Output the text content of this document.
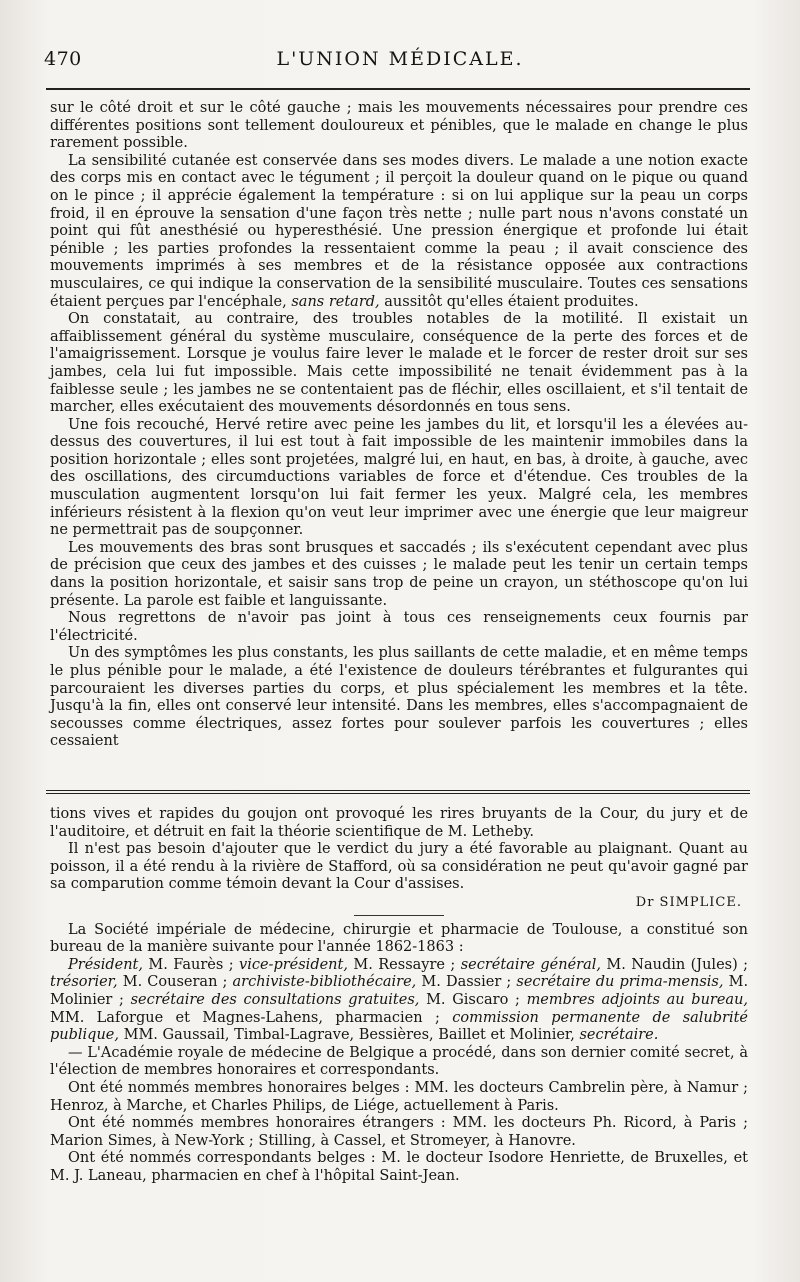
470	L'UNION MÉDICALE.

sur le côté droit et sur le côté gauche ; mais les mouvements nécessaires pour prendre ces différentes positions sont tellement douloureux et pénibles, que le malade en change le plus rarement possible.

La sensibilité cutanée est conservée dans ses modes divers. Le malade a une notion exacte des corps mis en contact avec le tégument ; il perçoit la douleur quand on le pique ou quand on le pince ; il apprécie également la température : si on lui applique sur la peau un corps froid, il en éprouve la sensation d'une façon très nette ; nulle part nous n'avons constaté un point qui fût anesthésié ou hyperesthésié. Une pression énergique et profonde lui était pénible ; les parties profondes la ressentaient comme la peau ; il avait conscience des mouvements imprimés à ses membres et de la résistance opposée aux contractions musculaires, ce qui indique la conservation de la sensibilité musculaire. Toutes ces sensations étaient perçues par l'encéphale, sans retard, aussitôt qu'elles étaient produites.

On constatait, au contraire, des troubles notables de la motilité. Il existait un affaiblissement général du système musculaire, conséquence de la perte des forces et de l'amaigrissement. Lorsque je voulus faire lever le malade et le forcer de rester droit sur ses jambes, cela lui fut impossible. Mais cette impossibilité ne tenait évidemment pas à la faiblesse seule ; les jambes ne se contentaient pas de fléchir, elles oscillaient, et s'il tentait de marcher, elles exécutaient des mouvements désordonnés en tous sens.

Une fois recouché, Hervé retire avec peine les jambes du lit, et lorsqu'il les a élevées au-dessus des couvertures, il lui est tout à fait impossible de les maintenir immobiles dans la position horizontale ; elles sont projetées, malgré lui, en haut, en bas, à droite, à gauche, avec des oscillations, des circumductions variables de force et d'étendue. Ces troubles de la musculation augmentent lorsqu'on lui fait fermer les yeux. Malgré cela, les membres inférieurs résistent à la flexion qu'on veut leur imprimer avec une énergie que leur maigreur ne permettrait pas de soupçonner.

Les mouvements des bras sont brusques et saccadés ; ils s'exécutent cependant avec plus de précision que ceux des jambes et des cuisses ; le malade peut les tenir un certain temps dans la position horizontale, et saisir sans trop de peine un crayon, un stéthoscope qu'on lui présente. La parole est faible et languissante.

Nous regrettons de n'avoir pas joint à tous ces renseignements ceux fournis par l'électricité.

Un des symptômes les plus constants, les plus saillants de cette maladie, et en même temps le plus pénible pour le malade, a été l'existence de douleurs térébrantes et fulgurantes qui parcouraient les diverses parties du corps, et plus spécialement les membres et la tête. Jusqu'à la fin, elles ont conservé leur intensité. Dans les membres, elles s'accompagnaient de secousses comme électriques, assez fortes pour soulever parfois les couvertures ; elles cessaient

tions vives et rapides du goujon ont provoqué les rires bruyants de la Cour, du jury et de l'auditoire, et détruit en fait la théorie scientifique de M. Letheby.

Il n'est pas besoin d'ajouter que le verdict du jury a été favorable au plaignant. Quant au poisson, il a été rendu à la rivière de Stafford, où sa considération ne peut qu'avoir gagné par sa comparution comme témoin devant la Cour d'assises.

Dr SIMPLICE.

La Société impériale de médecine, chirurgie et pharmacie de Toulouse, a constitué son bureau de la manière suivante pour l'année 1862-1863 :

Président, M. Faurès ; vice-président, M. Ressayre ; secrétaire général, M. Naudin (Jules) ; trésorier, M. Couseran ; archiviste-bibliothécaire, M. Dassier ; secrétaire du prima-mensis, M. Molinier ; secrétaire des consultations gratuites, M. Giscaro ; membres adjoints au bureau, MM. Laforgue et Magnes-Lahens, pharmacien ; commission permanente de salubrité publique, MM. Gaussail, Timbal-Lagrave, Bessières, Baillet et Molinier, secrétaire.

— L'Académie royale de médecine de Belgique a procédé, dans son dernier comité secret, à l'élection de membres honoraires et correspondants.

Ont été nommés membres honoraires belges : MM. les docteurs Cambrelin père, à Namur ; Henroz, à Marche, et Charles Philips, de Liége, actuellement à Paris.

Ont été nommés membres honoraires étrangers : MM. les docteurs Ph. Ricord, à Paris ; Marion Simes, à New-York ; Stilling, à Cassel, et Stromeyer, à Hanovre.

Ont été nommés correspondants belges : M. le docteur Isodore Henriette, de Bruxelles, et M. J. Laneau, pharmacien en chef à l'hôpital Saint-Jean.
